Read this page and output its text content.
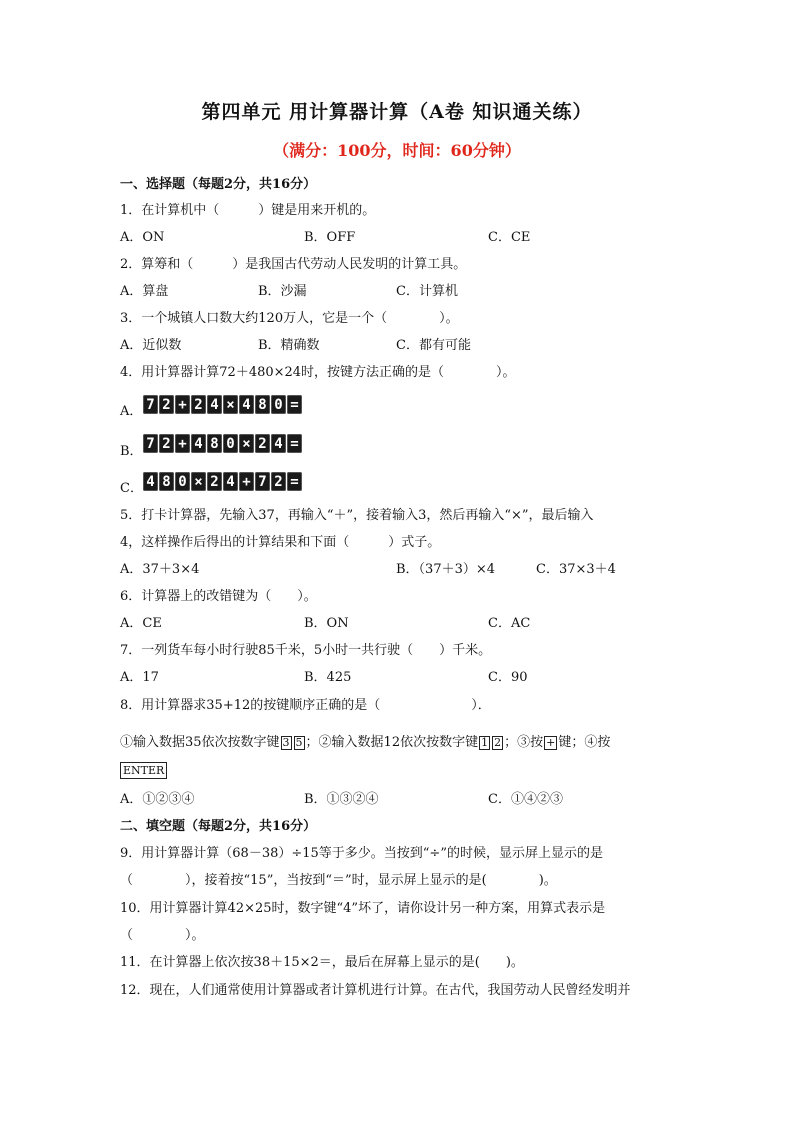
第四单元 用计算器计算（A卷 知识通关练）
（满分：100分，时间：60分钟）
一、选择题（每题2分，共16分）
1．在计算机中（　　　）键是用来开机的。
A．ON	B．OFF	C．CE
2．算筹和（　　　）是我国古代劳动人民发明的计算工具。
A．算盘	B．沙漏	C．计算机
3．一个城镇人口数大约120万人，它是一个（　　　　）。
A．近似数	B．精确数	C．都有可能
4．用计算器计算72＋480×24时，按键方法正确的是（　　　　）。
A． 7 2 + 2 4 × 4 8 0 =
B． 7 2 + 4 8 0 × 2 4 =
C． 4 8 0 × 2 4 + 7 2 =
5．打卡计算器，先输入37，再输入“＋”，接着输入3，然后再输入“×”，最后输入
4，这样操作后得出的计算结果和下面（　　　）式子。
A．37＋3×4	B．（37＋3）×4	C．37×3＋4
6．计算器上的改错键为（　　）。
A．CE	B．ON	C．AC
7．一列货车每小时行驶85千米，5小时一共行驶（　　）千米。
A．17	B．425	C．90
8．用计算器求35+12的按键顺序正确的是（　　　　　　　）．
①输入数据35依次按数字键 3 5 ；②输入数据12依次按数字键 1 2 ；③按 + 键；④按
ENTER
A．①②③④	B．①③②④	C．①④②③
二、填空题（每题2分，共16分）
9．用计算器计算（68－38）÷15等于多少。当按到“÷”的时候，显示屏上显示的是
（　　　　），接着按“15”，当按到“＝”时，显示屏上显示的是(　　　　)。
10．用计算器计算42×25时，数字键“4”坏了，请你设计另一种方案，用算式表示是
（　　　　）。
11．在计算器上依次按38＋15×2＝，最后在屏幕上显示的是(　　)。
12．现在，人们通常使用计算器或者计算机进行计算。在古代，我国劳动人民曾经发明并
